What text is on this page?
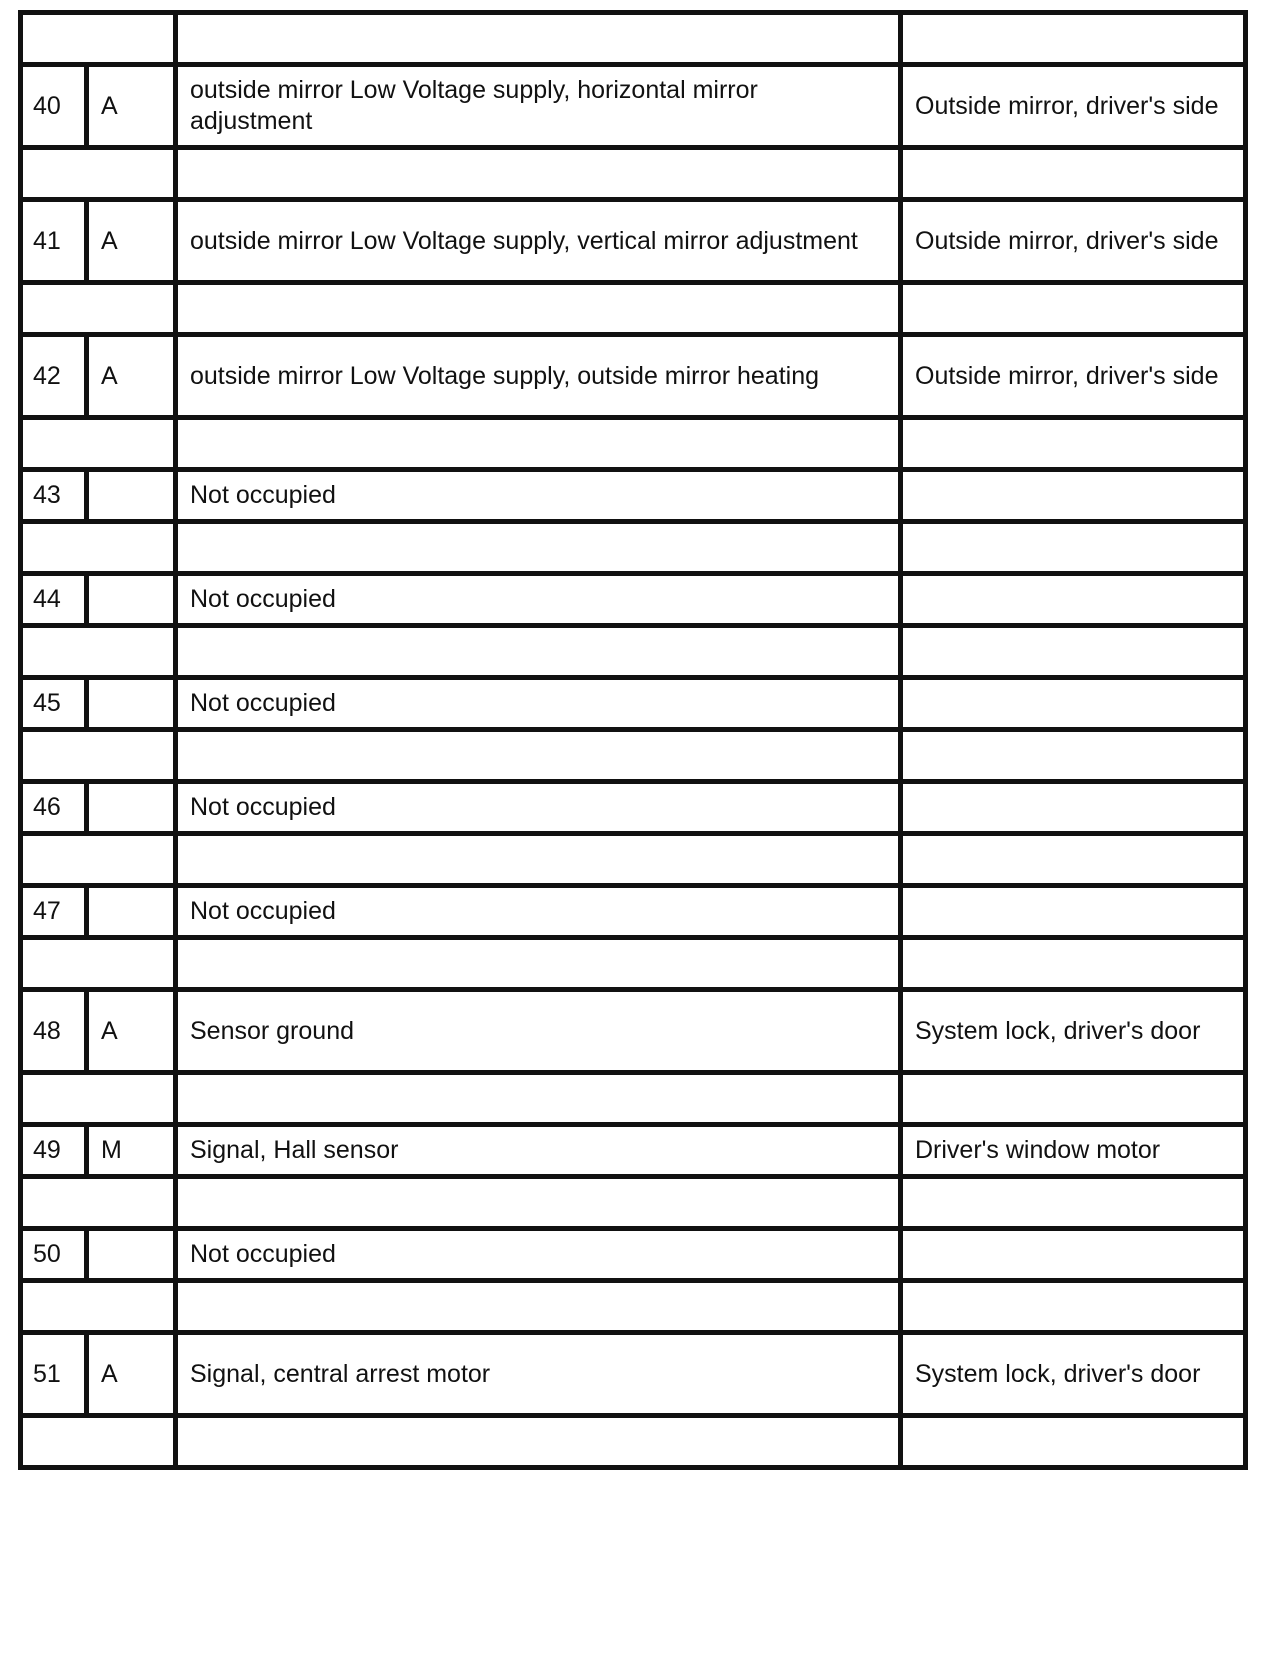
40	A	outside mirror Low Voltage supply, horizontal mirror adjustment	Outside mirror, driver's side

41	A	outside mirror Low Voltage supply, vertical mirror adjustment	Outside mirror, driver's side

42	A	outside mirror Low Voltage supply, outside mirror heating	Outside mirror, driver's side

43		Not occupied	

44		Not occupied	

45		Not occupied	

46		Not occupied	

47		Not occupied	

48	A	Sensor ground	System lock, driver's door

49	M	Signal, Hall sensor	Driver's window motor

50		Not occupied	

51	A	Signal, central arrest motor	System lock, driver's door
